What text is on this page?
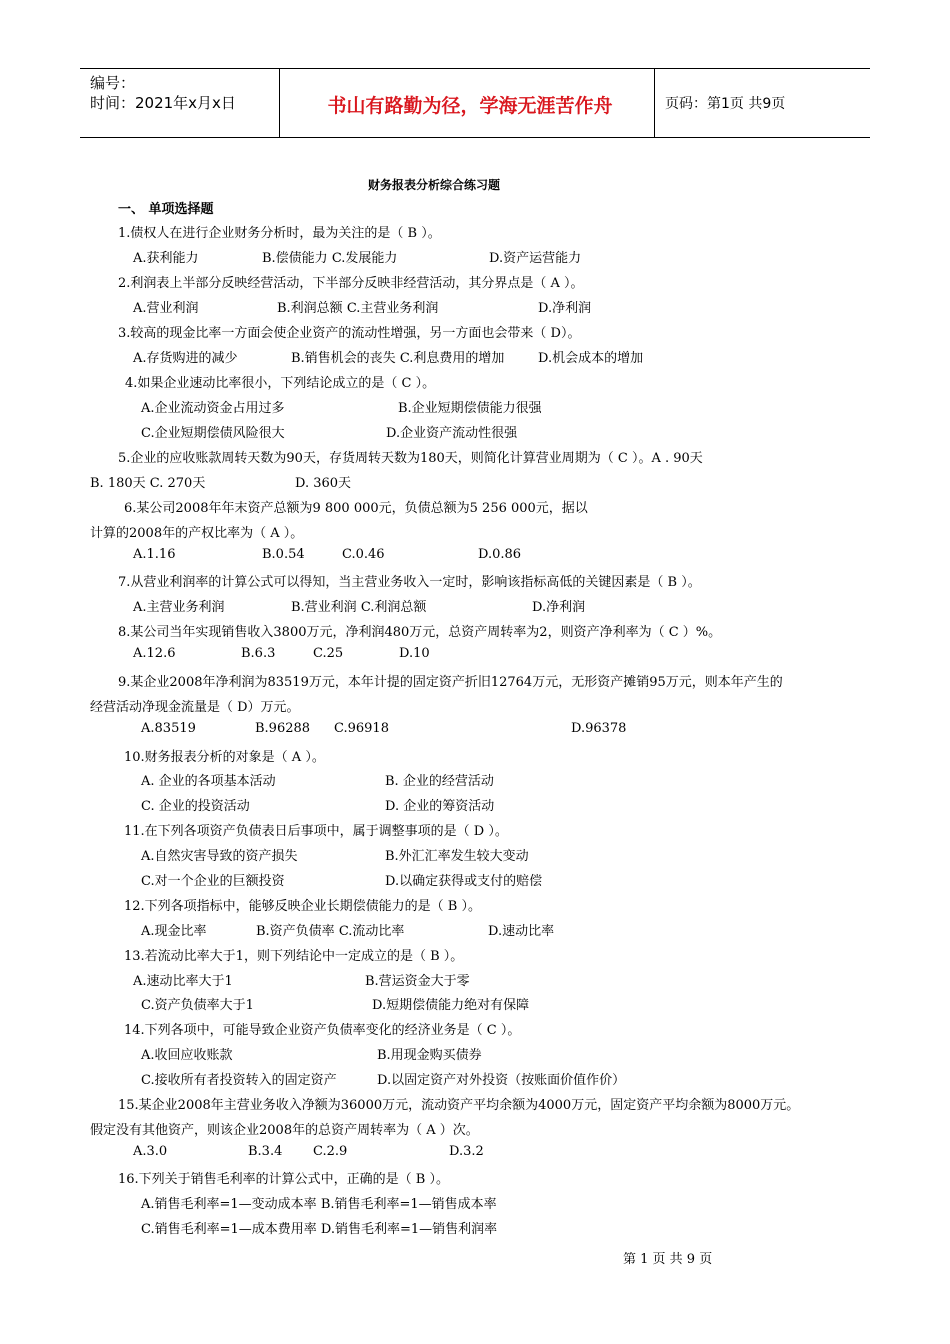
编号：
时间：2021年x月x日	书山有路勤为径，学海无涯苦作舟	页码：第1页 共9页
财务报表分析综合练习题
一、 单项选择题
1.债权人在进行企业财务分析时，最为关注的是（ B ）。
A.获利能力	B.偿债能力 C.发展能力	D.资产运营能力
2.利润表上半部分反映经营活动，下半部分反映非经营活动，其分界点是（ A ）。
A.营业利润	B.利润总额 C.主营业务利润	D.净利润
3.较高的现金比率一方面会使企业资产的流动性增强，另一方面也会带来（ D）。
A.存货购进的减少	B.销售机会的丧失 C.利息费用的增加	D.机会成本的增加
4.如果企业速动比率很小，下列结论成立的是（ C ）。
A.企业流动资金占用过多	B.企业短期偿债能力很强
C.企业短期偿债风险很大	D.企业资产流动性很强
5.企业的应收账款周转天数为90天，存货周转天数为180天，则简化计算营业周期为（ C ）。A . 90天
B. 180天 C. 270天	D. 360天
6.某公司2008年年末资产总额为9 800 000元，负债总额为5 256 000元，据以
计算的2008年的产权比率为（ A ）。
A.1.16	B.0.54	C.0.46	D.0.86
7.从营业利润率的计算公式可以得知，当主营业务收入一定时，影响该指标高低的关键因素是（ B ）。
A.主营业务利润	B.营业利润 C.利润总额	D.净利润
8.某公司当年实现销售收入3800万元，净利润480万元，总资产周转率为2，则资产净利率为（ C ）%。
A.12.6	B.6.3	C.25	D.10
9.某企业2008年净利润为83519万元，本年计提的固定资产折旧12764万元，无形资产摊销95万元，则本年产生的
经营活动净现金流量是（ D）万元。
A.83519	B.96288 C.96918	D.96378
10.财务报表分析的对象是（ A ）。
A. 企业的各项基本活动	B. 企业的经营活动
C. 企业的投资活动	D. 企业的筹资活动
11.在下列各项资产负债表日后事项中，属于调整事项的是（ D ）。
A.自然灾害导致的资产损失	B.外汇汇率发生较大变动
C.对一个企业的巨额投资	D.以确定获得或支付的赔偿
12.下列各项指标中，能够反映企业长期偿债能力的是（ B ）。
A.现金比率	B.资产负债率 C.流动比率	D.速动比率
13.若流动比率大于1，则下列结论中一定成立的是（ B ）。
A.速动比率大于1	B.营运资金大于零
C.资产负债率大于1	D.短期偿债能力绝对有保障
14.下列各项中，可能导致企业资产负债率变化的经济业务是（ C ）。
A.收回应收账款	B.用现金购买债券
C.接收所有者投资转入的固定资产	D.以固定资产对外投资（按账面价值作价）
15.某企业2008年主营业务收入净额为36000万元，流动资产平均余额为4000万元，固定资产平均余额为8000万元。
假定没有其他资产，则该企业2008年的总资产周转率为（ A ）次。
A.3.0	B.3.4 C.2.9	D.3.2
16.下列关于销售毛利率的计算公式中，正确的是（ B ）。
A.销售毛利率=1—变动成本率 B.销售毛利率=1—销售成本率
C.销售毛利率=1—成本费用率 D.销售毛利率=1—销售利润率
第 1 页 共 9 页
